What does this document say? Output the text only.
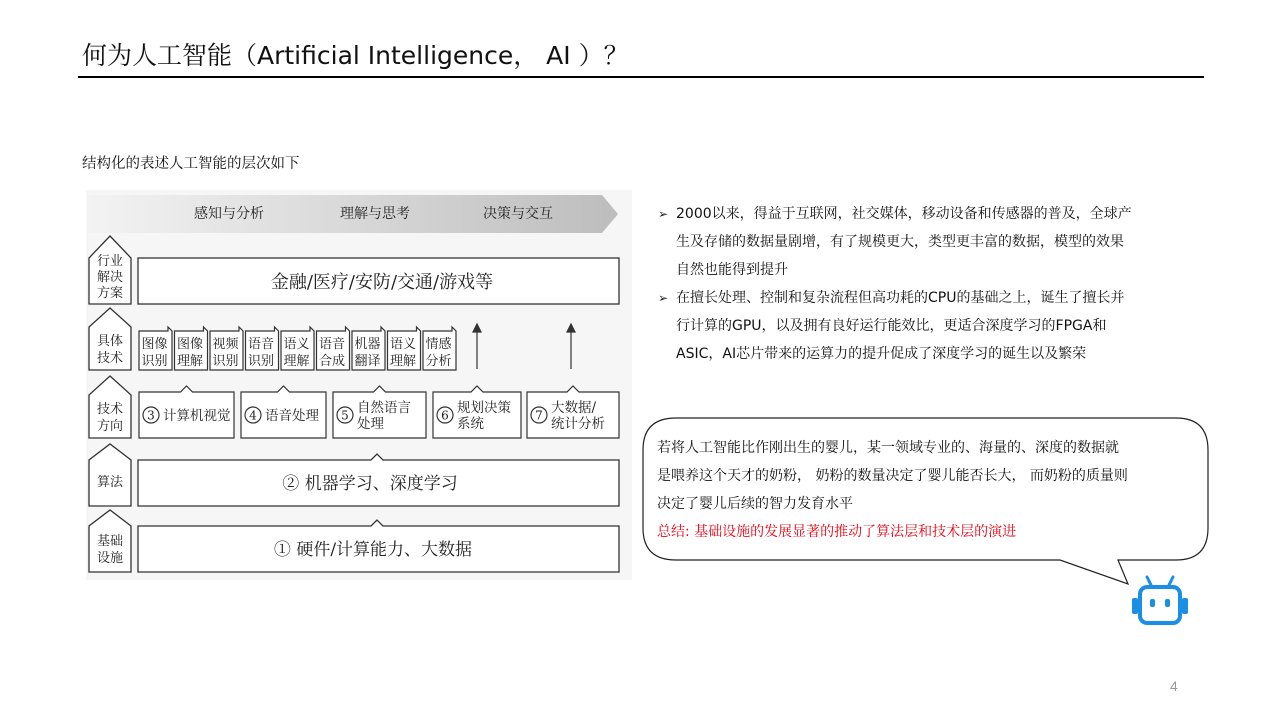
何为人工智能（Artificial Intelligence， AI ）？
结构化的表述人工智能的层次如下
感知与分析	理解与思考	决策与交互
行业
解决
方案
金融/医疗/安防/交通/游戏等
具体
技术
图像
识别
图像
理解
视频
识别
语音
识别
语义
理解
语音
合成
机器
翻译
语义
理解
情感
分析
技术
方向
3 计算机视觉 4 语音处理 5 自然语言
处理
6 规划决策
系统
7 大数据/
统计分析
算法	② 机器学习、深度学习
基础
设施	① 硬件/计算能力、大数据
➢ 2000以来，得益于互联网，社交媒体，移动设备和传感器的普及，全球产
生及存储的数据量剧增，有了规模更大，类型更丰富的数据，模型的效果
自然也能得到提升
➢ 在擅长处理、控制和复杂流程但高功耗的CPU的基础之上，诞生了擅长并
行计算的GPU，以及拥有良好运行能效比，更适合深度学习的FPGA和
ASIC，AI芯片带来的运算力的提升促成了深度学习的诞生以及繁荣
若将人工智能比作刚出生的婴儿，某一领域专业的、海量的、深度的数据就
是喂养这个天才的奶粉， 奶粉的数量决定了婴儿能否长大， 而奶粉的质量则
决定了婴儿后续的智力发育水平
总结: 基础设施的发展显著的推动了算法层和技术层的演进
4
